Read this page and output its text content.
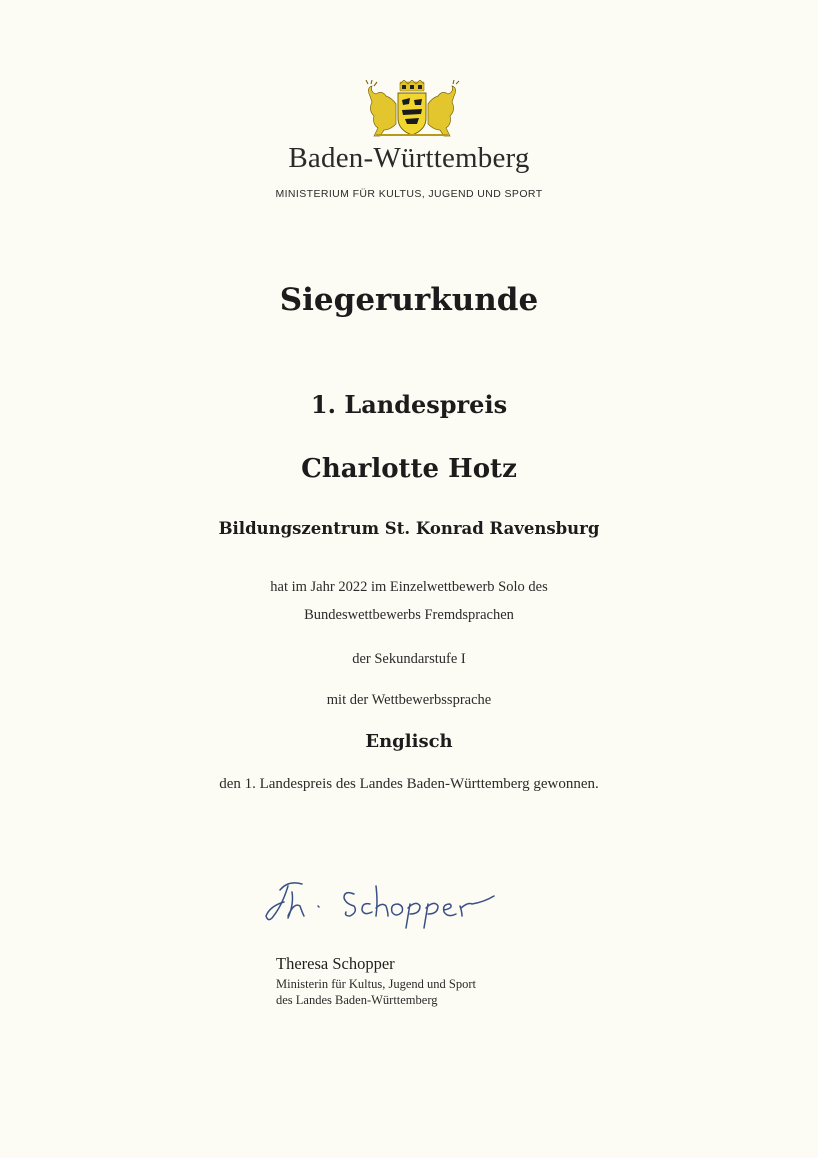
Baden-Württemberg
MINISTERIUM FÜR KULTUS, JUGEND UND SPORT
Siegerurkunde
1. Landespreis
Charlotte Hotz
Bildungszentrum St. Konrad Ravensburg
hat im Jahr 2022 im Einzelwettbewerb Solo des
Bundeswettbewerbs Fremdsprachen
der Sekundarstufe I
mit der Wettbewerbssprache
Englisch
den 1. Landespreis des Landes Baden-Württemberg gewonnen.
Theresa Schopper
Ministerin für Kultus, Jugend und Sport
des Landes Baden-Württemberg
